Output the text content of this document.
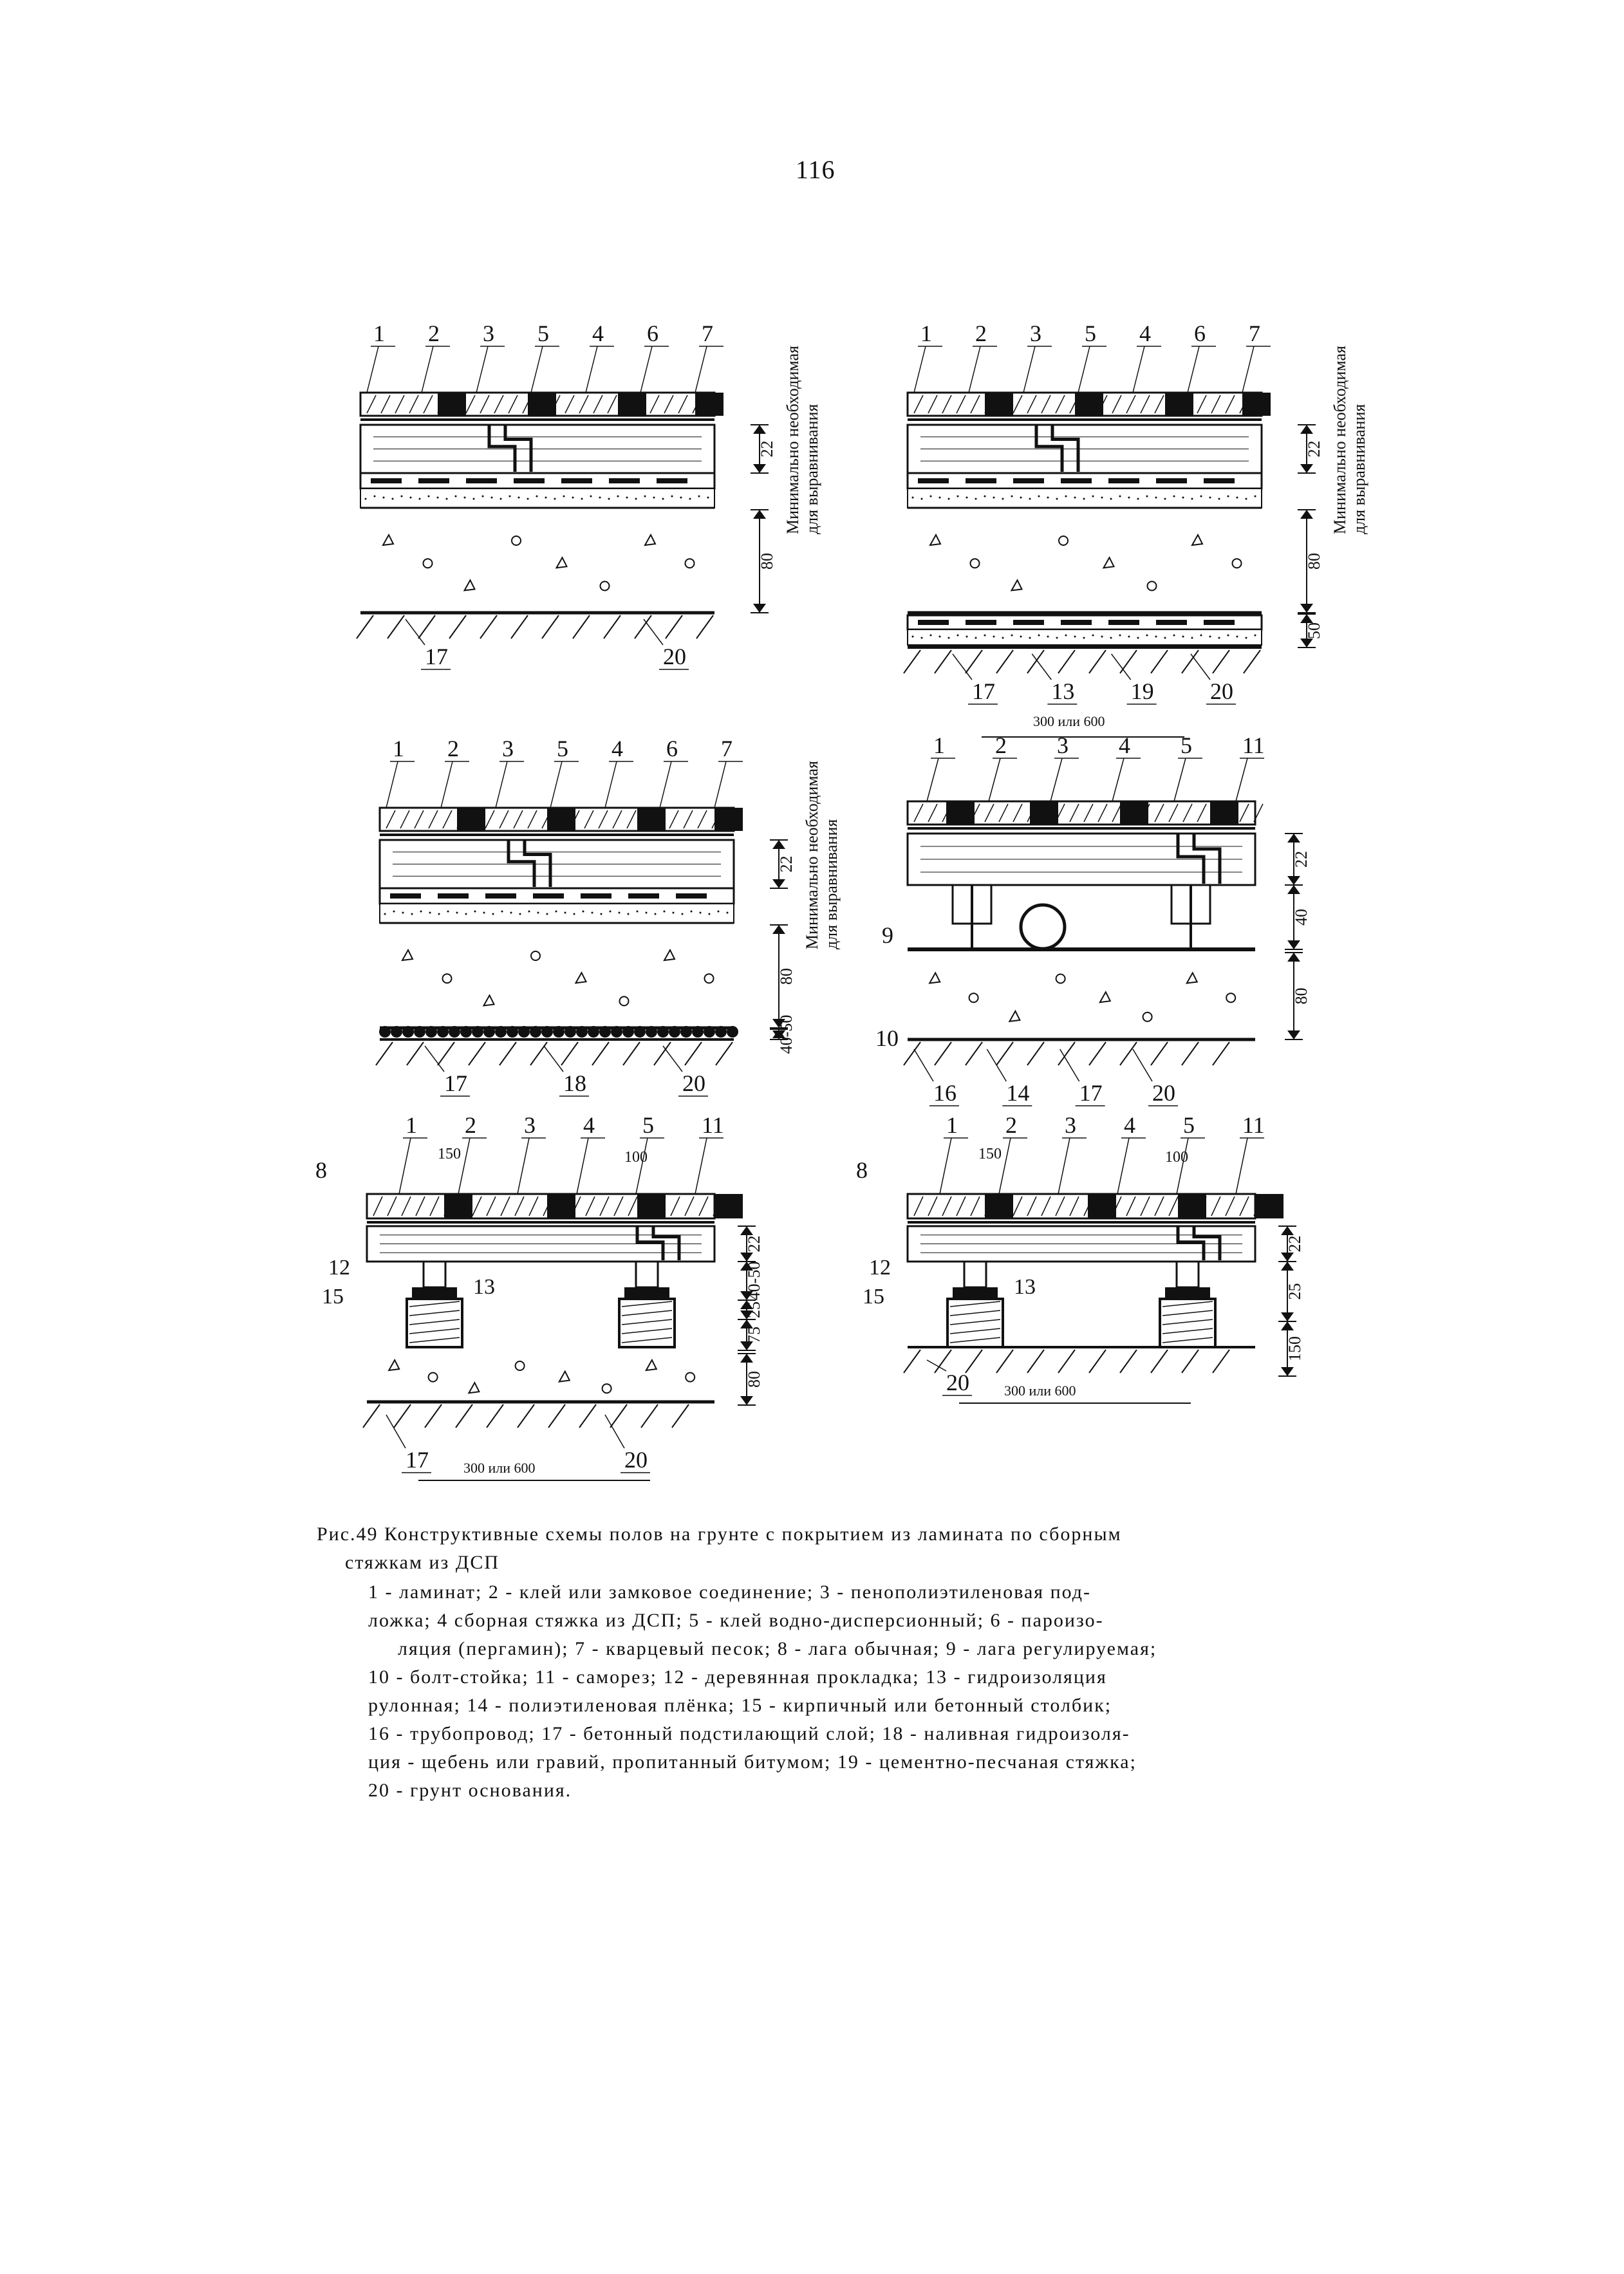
116
1 2 3 5 4 6 7
17	20
22
80
Минимально необходимая для выравнивания
1 2 3 5 4 6 7
17 13 19 20
22
80
50
Минимально необходимая для выравнивания
1 2 3 5 4 6 7
17	18	20
22
80
40-50
Минимально необходимая для выравнивания
300 или 600
1 2 3 4 5 11
9
10
16 14 17 20
22
40
80
1 2 3 4 5 11
150	100
8
12
15	13
300 или 600
17	20
22
40-50
25
75
80
1 2 3 4 5 11
150	100
8
12
15	13
300 или 600
20
22
25
150
Рис.49 Конструктивные схемы полов на грунте с покрытием из ламината по сборным
стяжкам из ДСП
1 - ламинат; 2 - клей или замковое соединение; 3 - пенополиэтиленовая под-
ложка; 4 сборная стяжка из ДСП; 5 - клей водно-дисперсионный; 6 - пароизо-
ляция (пергамин); 7 - кварцевый песок; 8 - лага обычная; 9 - лага регулируемая;
10 - болт-стойка; 11 - саморез; 12 - деревянная прокладка; 13 - гидроизоляция
рулонная; 14 - полиэтиленовая плёнка; 15 - кирпичный или бетонный столбик;
16 - трубопровод; 17 - бетонный подстилающий слой; 18 - наливная гидроизоля-
ция - щебень или гравий, пропитанный битумом; 19 - цементно-песчаная стяжка;
20 - грунт основания.
